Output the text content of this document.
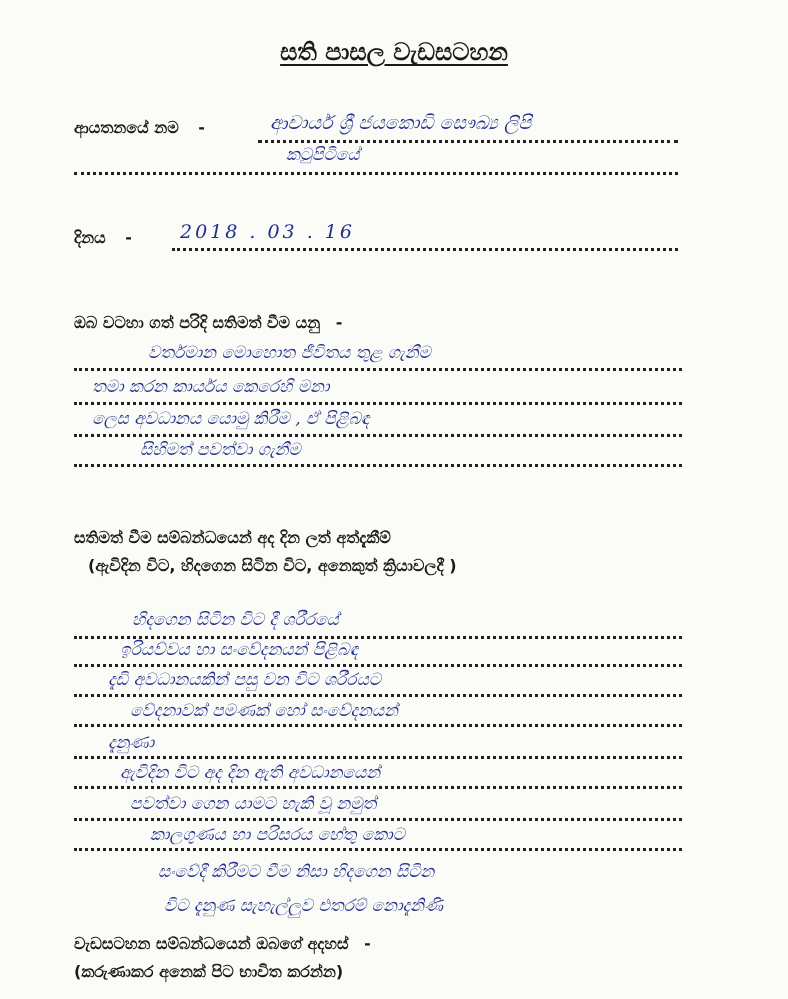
සති පාසල වැඩසටහන
ආයතනයේ නම -	ආචාර්ය ශ්‍රී ජයකොඩි සෞඛ්‍ය ලිපි
කටුපිටියේ
දිනය -	2018 . 03 . 16
ඔබ වටහා ගත් පරිදි සතිමත් වීම යනු -
වර්තමාන මොහොත ජීවිතය තුළ ගැනීම
තමා කරන කාර්යය කෙරෙහි මනා
ලෙස අවධානය යොමු කිරීම , ඒ පිළිබඳ
සිහිමත් පවත්වා ගැනීම
සතිමත් වීම සම්බන්ධයෙන් අද දින ලත් අත්දැකීම්
(ඇවිදින විට, හිදගෙන සිටින විට, අනෙකුත් ක්‍රියාවලදී )
හිදගෙන සිටින විට දී ශරීරයේ
ඉරියව්වය හා සංවේදනයන් පිළිබඳ
දැඩි අවධානයකින් පසු වන විට ශරීරයට
වේදනාවක් පමණක් හෝ සංවේදනයන්
දැනුණා
ඇවිදින විට අද දින ඇති අවධානයෙන්
පවත්වා ගෙන යාමට හැකි වූ නමුත්
කාලගුණය හා පරිසරය හේතු කොට
සංවේදී කිරීමට වීම නිසා හිදගෙන සිටින
විට දැනුණ සැහැල්ලුව එතරම් නොදැනිණි
වැඩසටහන සම්බන්ධයෙන් ඔබගේ අදහස් -
(කරුණාකර අනෙක් පිට භාවිත කරන්න)
